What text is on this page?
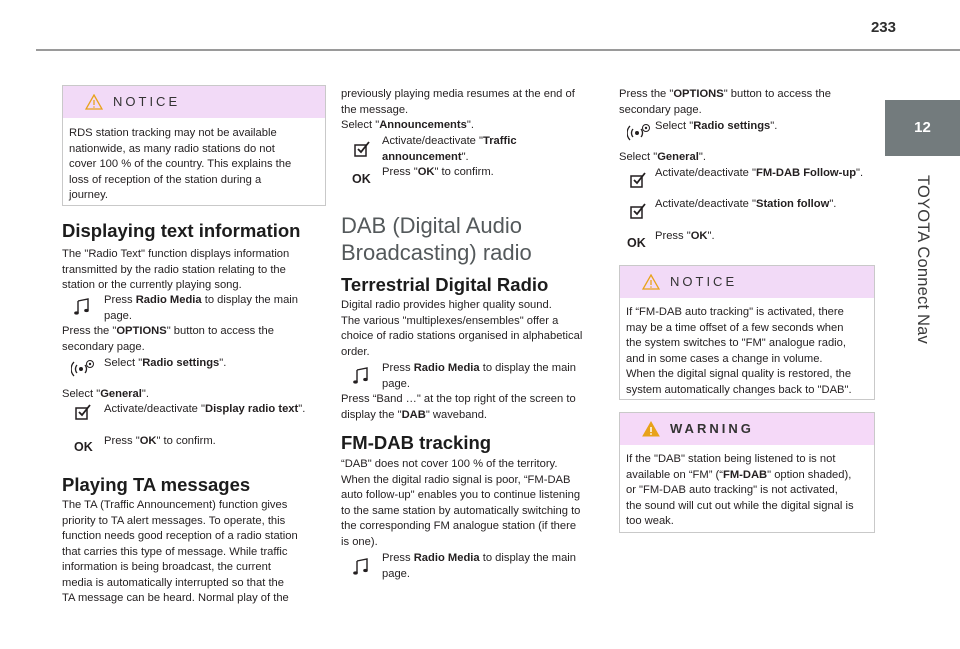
233
12
TOYOTA Connect Nav
NOTICE

RDS station tracking may not be available

nationwide, as many radio stations do not

cover 100 % of the country. This explains the

loss of reception of the station during a

journey.

Displaying text information

The "Radio Text" function displays information

transmitted by the radio station relating to the

station or the currently playing song.

Press Radio Media to display the main

page.

Press the "OPTIONS" button to access the

secondary page.

Select "Radio settings".

Select "General".

Activate/deactivate "Display radio text".

OK Press "OK" to confirm.

Playing TA messages

The TA (Traffic Announcement) function gives

priority to TA alert messages. To operate, this

function needs good reception of a radio station

that carries this type of message. While traffic

information is being broadcast, the current

media is automatically interrupted so that the

TA message can be heard. Normal play of the

previously playing media resumes at the end of

the message.

Select "Announcements".

Activate/deactivate "Traffic

announcement".

Press "OK" to confirm.

OK
DAB (Digital Audio
Broadcasting) radio
Terrestrial Digital Radio

Digital radio provides higher quality sound.

The various "multiplexes/ensembles" offer a

choice of radio stations organised in alphabetical

order.

Press Radio Media to display the main

page.

Press “Band …" at the top right of the screen to

display the "DAB" waveband.

FM-DAB tracking

“DAB" does not cover 100 % of the territory.

When the digital radio signal is poor, “FM-DAB

auto follow-up" enables you to continue listening

to the same station by automatically switching to

the corresponding FM analogue station (if there

is one).

Press Radio Media to display the main

page.

Press the "OPTIONS" button to access the

secondary page.

Select "Radio settings".

Select "General".

Activate/deactivate "FM-DAB Follow-up".

Activate/deactivate "Station follow".

OK Press "OK".

NOTICE

If “FM-DAB auto tracking" is activated, there

may be a time offset of a few seconds when

the system switches to "FM" analogue radio,

and in some cases a change in volume.

When the digital signal quality is restored, the

system automatically changes back to "DAB".

WARNING

If the "DAB" station being listened to is not

available on “FM” (“FM-DAB" option shaded),

or "FM-DAB auto tracking" is not activated,

the sound will cut out while the digital signal is

too weak.
